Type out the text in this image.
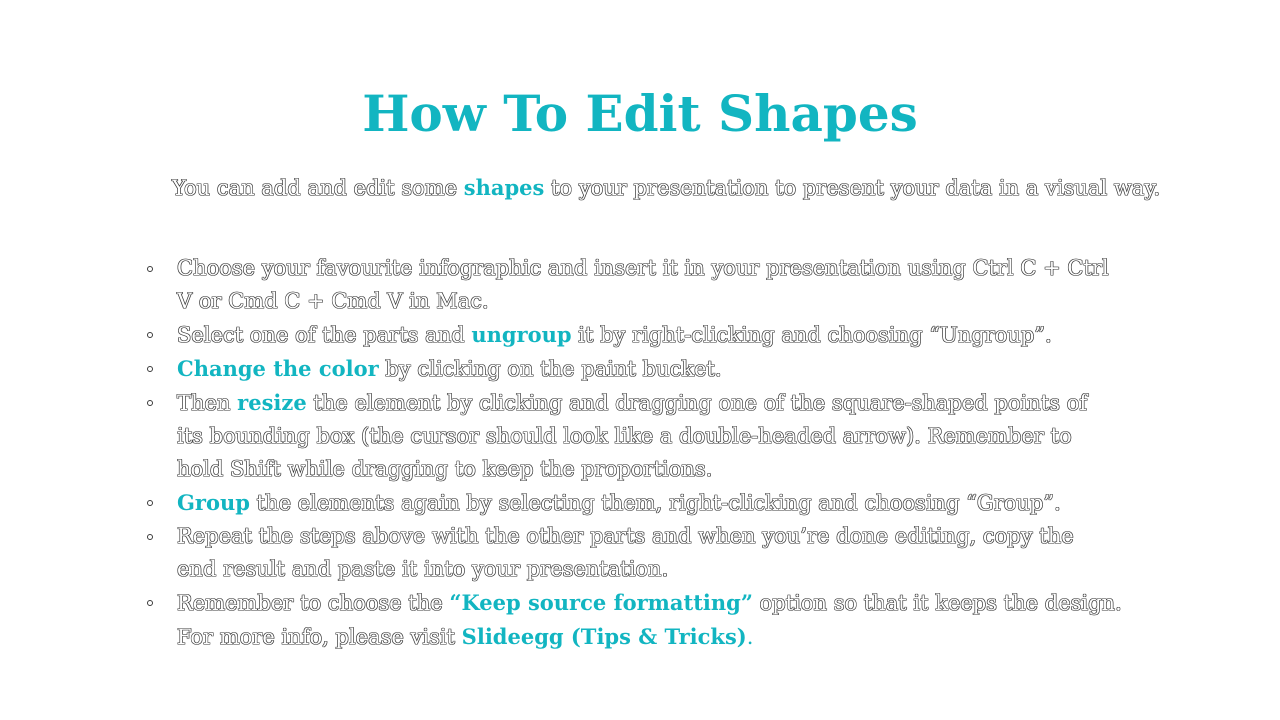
How To Edit Shapes

You can add and edit some shapes to your presentation to present your data in a visual way.

Choose your favourite infographic and insert it in your presentation using Ctrl C + Ctrl
V or Cmd C + Cmd V in Mac.
Select one of the parts and ungroup it by right-clicking and choosing “Ungroup”.
Change the color by clicking on the paint bucket.
Then resize the element by clicking and dragging one of the square-shaped points of
its bounding box (the cursor should look like a double-headed arrow). Remember to
hold Shift while dragging to keep the proportions.
Group the elements again by selecting them, right-clicking and choosing “Group”.
Repeat the steps above with the other parts and when you’re done editing, copy the
end result and paste it into your presentation.
Remember to choose the “Keep source formatting” option so that it keeps the design.
For more info, please visit Slideegg (Tips & Tricks).
